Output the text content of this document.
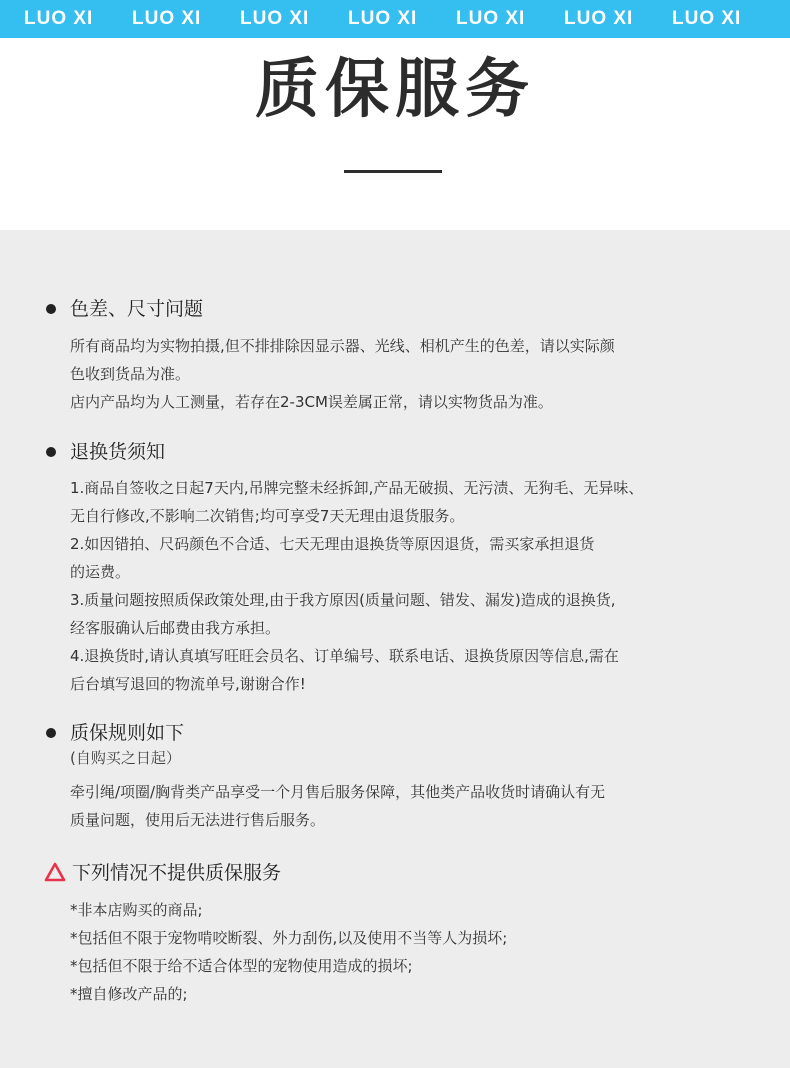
LUO XI	LUO XI	LUO XI	LUO XI	LUO XI	LUO XI	LUO XI
质保服务
色差、尺寸问题
所有商品均为实物拍摄,但不排排除因显示器、光线、相机产生的色差，请以实际颜
色收到货品为准。
店内产品均为人工测量，若存在2-3CM误差属正常，请以实物货品为准。
退换货须知
1.商品自签收之日起7天内,吊牌完整未经拆卸,产品无破损、无污渍、无狗毛、无异味、
无自行修改,不影响二次销售;均可享受7天无理由退货服务。
2.如因错拍、尺码颜色不合适、七天无理由退换货等原因退货，需买家承担退货
的运费。
3.质量问题按照质保政策处理,由于我方原因(质量问题、错发、漏发)造成的退换货,
经客服确认后邮费由我方承担。
4.退换货时,请认真填写旺旺会员名、订单编号、联系电话、退换货原因等信息,需在
后台填写退回的物流单号,谢谢合作!
质保规则如下
(自购买之日起）
牵引绳/项圈/胸背类产品享受一个月售后服务保障，其他类产品收货时请确认有无
质量问题，使用后无法进行售后服务。
下列情况不提供质保服务
*非本店购买的商品;
*包括但不限于宠物啃咬断裂、外力刮伤,以及使用不当等人为损坏;
*包括但不限于给不适合体型的宠物使用造成的损坏;
*擅自修改产品的;
